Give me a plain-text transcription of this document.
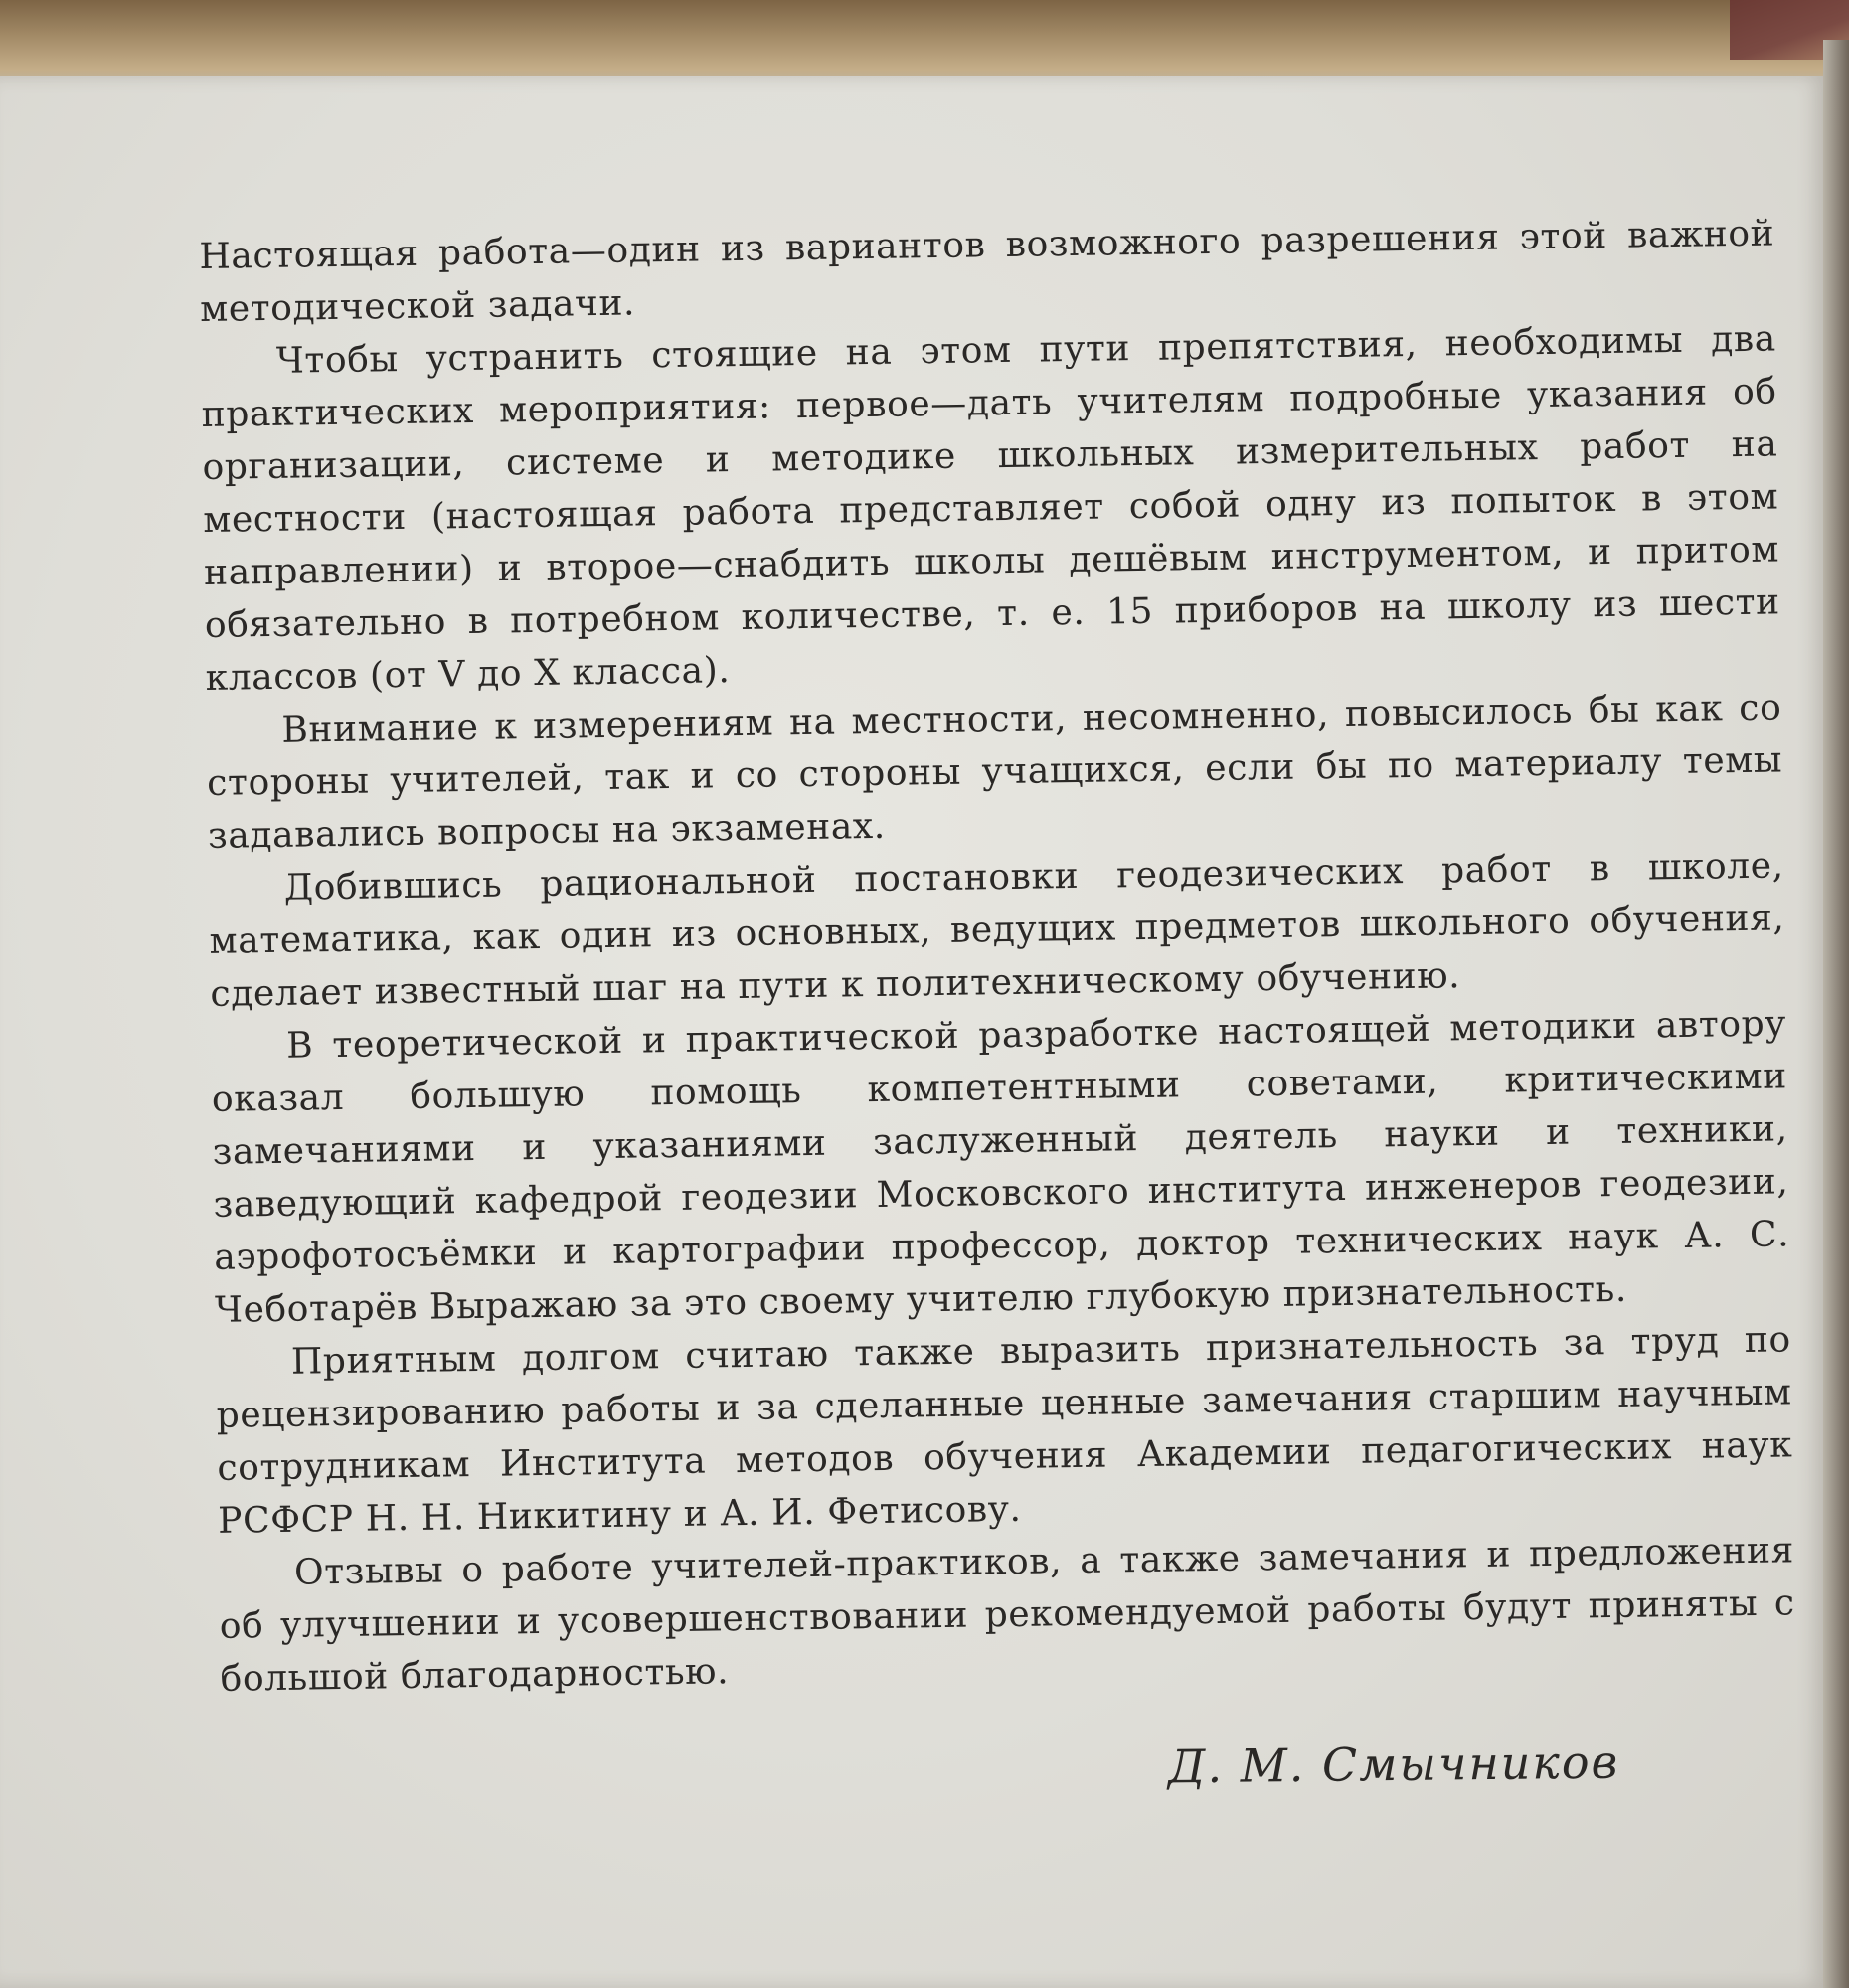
Настоящая работа—один из вариантов возможного разрешения этой важной методической задачи.

Чтобы устранить стоящие на этом пути препятствия, необходимы два практических мероприятия: первое—дать учителям подробные указания об организации, системе и методике школьных измерительных работ на местности (настоящая работа представляет собой одну из попыток в этом направлении) и второе—снабдить школы дешёвым инструментом, и притом обязательно в потребном количестве, т. е. 15 приборов на школу из шести классов (от V до X класса).

Внимание к измерениям на местности, несомненно, повысилось бы как со стороны учителей, так и со стороны учащихся, если бы по материалу темы задавались вопросы на экзаменах.

Добившись рациональной постановки геодезических работ в школе, математика, как один из основных, ведущих предметов школьного обучения, сделает известный шаг на пути к политехническому обучению.

В теоретической и практической разработке настоящей методики автору оказал большую помощь компетентными советами, критическими замечаниями и указаниями заслуженный деятель науки и техники, заведующий кафедрой геодезии Московского института инженеров геодезии, аэрофотосъёмки и картографии профессор, доктор технических наук А. С. Чеботарёв Выражаю за это своему учителю глубокую признательность.

Приятным долгом считаю также выразить признательность за труд по рецензированию работы и за сделанные ценные замечания старшим научным сотрудникам Института методов обучения Академии педагогических наук РСФСР Н. Н. Никитину и А. И. Фетисову.

Отзывы о работе учителей-практиков, а также замечания и предложения об улучшении и усовершенствовании рекомендуемой работы будут приняты с большой благодарностью.

Д. М. Смычников
